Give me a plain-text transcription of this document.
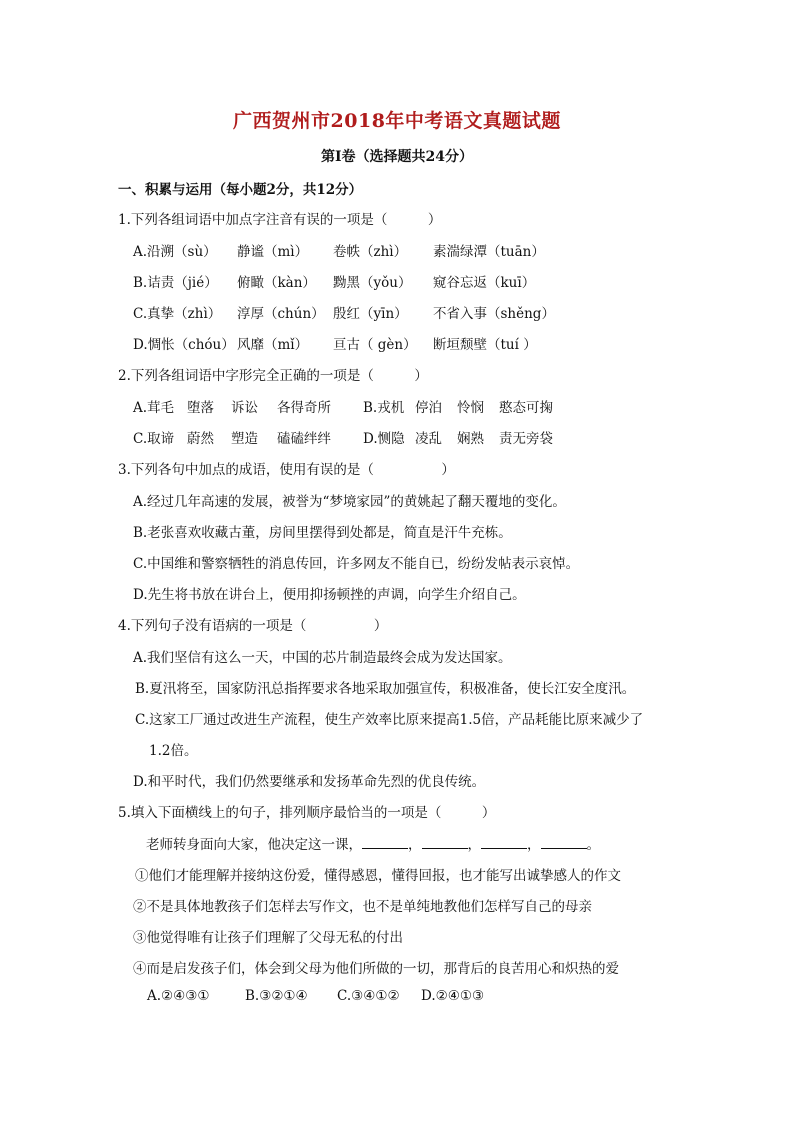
广西贺州市2018年中考语文真题试题
第Ⅰ卷（选择题共24分）
一、积累与运用（每小题2分，共12分）
1.下列各组词语中加点字注音有误的一项是（　　　）
A.沿溯（sù） 静谧（mì） 卷帙（zhì） 素湍绿潭（tuān）
B.诘责（jié） 俯瞰（kàn） 黝黑（yǒu） 窥谷忘返（kuī）
C.真挚（zhì） 淳厚（chún） 殷红（yīn） 不省入事（shěng）
D.惆怅（chóu） 风靡（mǐ） 亘古（ gèn） 断垣颓壁（tuí ）
2.下列各组词语中字形完全正确的一项是（　　　）
A.茸毛 堕落 诉讼 各得奇所 B.戎机 停泊 怜悯 憨态可掬
C.取谛 蔚然 塑造 磕磕绊绊 D.恻隐 凌乱 娴熟 责无旁袋
3.下列各句中加点的成语，使用有误的是（　　　　　）
A.经过几年高速的发展，被誉为“梦境家园”的黄姚起了翻天覆地的变化。
B.老张喜欢收藏古董，房间里摆得到处都是，简直是汗牛充栋。
C.中国维和警察牺牲的消息传回，许多网友不能自已，纷纷发帖表示哀悼。
D.先生将书放在讲台上，便用抑扬顿挫的声调，向学生介绍自己。
4.下列句子没有语病的一项是（　　　　　）
A.我们坚信有这么一天，中国的芯片制造最终会成为发达国家。
B.夏汛将至，国家防汛总指挥要求各地采取加强宣传，积极准备，使长江安全度汛。
C.这家工厂通过改进生产流程，使生产效率比原来提高1.5倍，产品耗能比原来减少了
1.2倍。
D.和平时代，我们仍然要继承和发扬革命先烈的优良传统。
5.填入下面横线上的句子，排列顺序最恰当的一项是（　　　）
老师转身面向大家，他决定这一课，	，	，	，	。
①他们才能理解并接纳这份爱，懂得感恩，懂得回报，也才能写出诚挚感人的作文
②不是具体地教孩子们怎样去写作文，也不是单纯地教他们怎样写自己的母亲
③他觉得唯有让孩子们理解了父母无私的付出
④而是启发孩子们，体会到父母为他们所做的一切，那背后的良苦用心和炽热的爱
A.②④③①	B.③②①④ C.③④①② D.②④①③
